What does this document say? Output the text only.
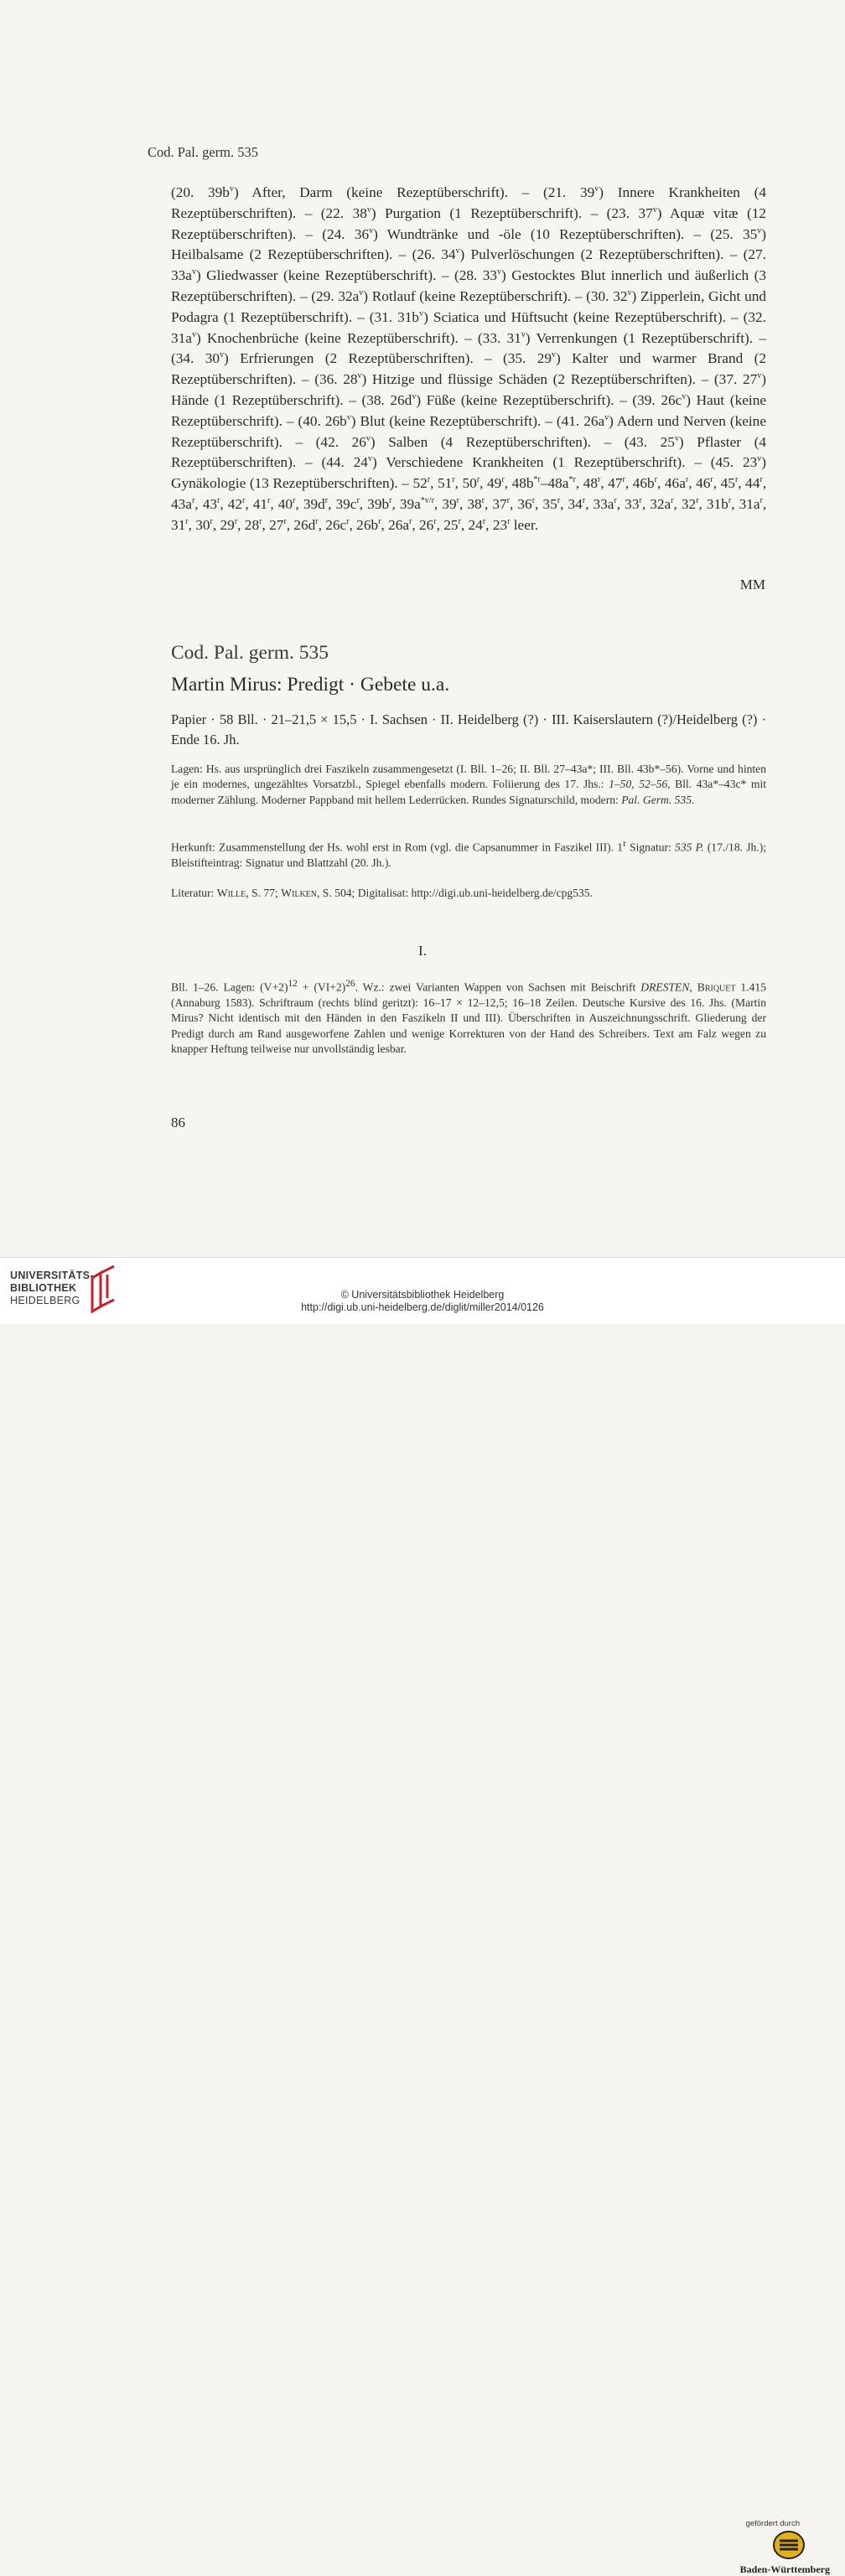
Cod. Pal. germ. 535
(20. $39b^v$) After, Darm (keine Rezeptüberschrift). – (21. 39$^v$) Innere Krankheiten (4 Rezeptüberschriften). – (22. 38$^v$) Purgation (1 Rezeptüberschrift). – (23. 37$^v$) Aquæ vitæ (12 Rezeptüberschriften). – (24. 36$^v$) Wundtränke und -öle (10 Rezeptüberschriften). – (25. 35$^v$) Heilbalsame (2 Rezeptüberschriften). – (26. 34$^v$) Pulverlöschungen (2 Rezeptüberschriften). – (27. $33a^v$) Gliedwasser (keine Rezeptüberschrift). – (28. 33$^v$) Gestocktes Blut innerlich und äußerlich (3 Rezeptüberschriften). – (29. $32a^v$) Rotlauf (keine Rezeptüberschrift). – (30. 32$^v$) Zipperlein, Gicht und Podagra (1 Rezeptüberschrift). – (31. $31b^v$) Sciatica und Hüftsucht (keine Rezeptüberschrift). – (32. $31a^v$) Knochenbrüche (keine Rezeptüberschrift). – (33. 31$^v$) Verrenkungen (1 Rezeptüberschrift). – (34. 30$^v$) Erfrierungen (2 Rezeptüberschriften). – (35. 29$^v$) Kalter und warmer Brand (2 Rezeptüberschriften). – (36. 28$^v$) Hitzige und flüssige Schäden (2 Rezeptüberschriften). – (37. 27$^v$) Hände (1 Rezeptüberschrift). – (38. $26d^v$) Füße (keine Rezeptüberschrift). – (39. $26c^v$) Haut (keine Rezeptüberschrift). – (40. $26b^v$) Blut (keine Rezeptüberschrift). – (41. $26a^v$) Adern und Nerven (keine Rezeptüberschrift). – (42. 26$^v$) Salben (4 Rezeptüberschriften). – (43. 25$^v$) Pflaster (4 Rezeptüberschriften). – (44. 24$^v$) Verschiedene Krankheiten (1 Rezeptüberschrift). – (45. 23$^v$) Gynäkologie (13 Rezeptüberschriften). – 52$^r$, 51$^r$, 50$^r$, 49$^r$, $48b^{*r}-48a^{*r}$, 48$^r$, 47$^r$, $46b^r$, $46a^r$, 46$^r$, 45$^r$, 44$^r$, $43a^r$, 43$^r$, 42$^r$, 41$^r$, 40$^r$, $39d^r$, $39c^r$, $39b^r$, $39a^{*v/r}$, 39$^r$, 38$^r$, 37$^r$, 36$^r$, 35$^r$, 34$^r$, $33a^r$, 33$^r$, $32a^r$, 32$^r$, $31b^r$, $31a^r$, 31$^r$, 30$^r$, 29$^r$, 28$^r$, 27$^r$, $26d^r$, $26c^r$, $26b^r$, $26a^r$, 26$^r$, 25$^r$, 24$^r$, 23$^r$ leer.
MM
Cod. Pal. germ. 535
Martin Mirus: Predigt · Gebete u.a.
Papier · 58 Bll. · 21–21,5 × 15,5 · I. Sachsen · II. Heidelberg (?) · III. Kaiserslautern (?)/Heidelberg (?) · Ende 16. Jh.
Lagen: Hs. aus ursprünglich drei Faszikeln zusammengesetzt (I. Bll. 1–26; II. Bll. 27–43a*; III. Bll. 43b*–56). Vorne und hinten je ein modernes, ungezähltes Vorsatzbl., Spiegel ebenfalls modern. Foliierung des 17. Jhs.: 1–50, 52–56, Bll. 43a*–43c* mit moderner Zählung. Moderner Pappband mit hellem Lederrücken. Rundes Signaturschild, modern: Pal. Germ. 535.
Herkunft: Zusammenstellung der Hs. wohl erst in Rom (vgl. die Capsanummer in Faszikel III). 1$^r$ Signatur: 535 P. (17./18. Jh.); Bleistifteintrag: Signatur und Blattzahl (20. Jh.).
Literatur: Wille, S. 77; Wilken, S. 504; Digitalisat: http://digi.ub.uni-heidelberg.de/cpg535.
I.
Bll. 1–26. Lagen: $(V+2)^{12} + (VI+2)^{26}$. Wz.: zwei Varianten Wappen von Sachsen mit Beischrift DRESTEN, Briquet 1.415 (Annaburg 1583). Schriftraum (rechts blind geritzt): 16–17 × 12–12,5; 16–18 Zeilen. Deutsche Kursive des 16. Jhs. (Martin Mirus? Nicht identisch mit den Händen in den Faszikeln II und III). Überschriften in Auszeichnungsschrift. Gliederung der Predigt durch am Rand ausgeworfene Zahlen und wenige Korrekturen von der Hand des Schreibers. Text am Falz wegen zu knapper Heftung teilweise nur unvollständig lesbar.
86
UNIVERSITÄTS-
BIBLIOTHEK
HEIDELBERG
gefördert durch
Baden-Württemberg
© Universitätsbibliothek Heidelberg
http://digi.ub.uni-heidelberg.de/diglit/miller2014/0126
